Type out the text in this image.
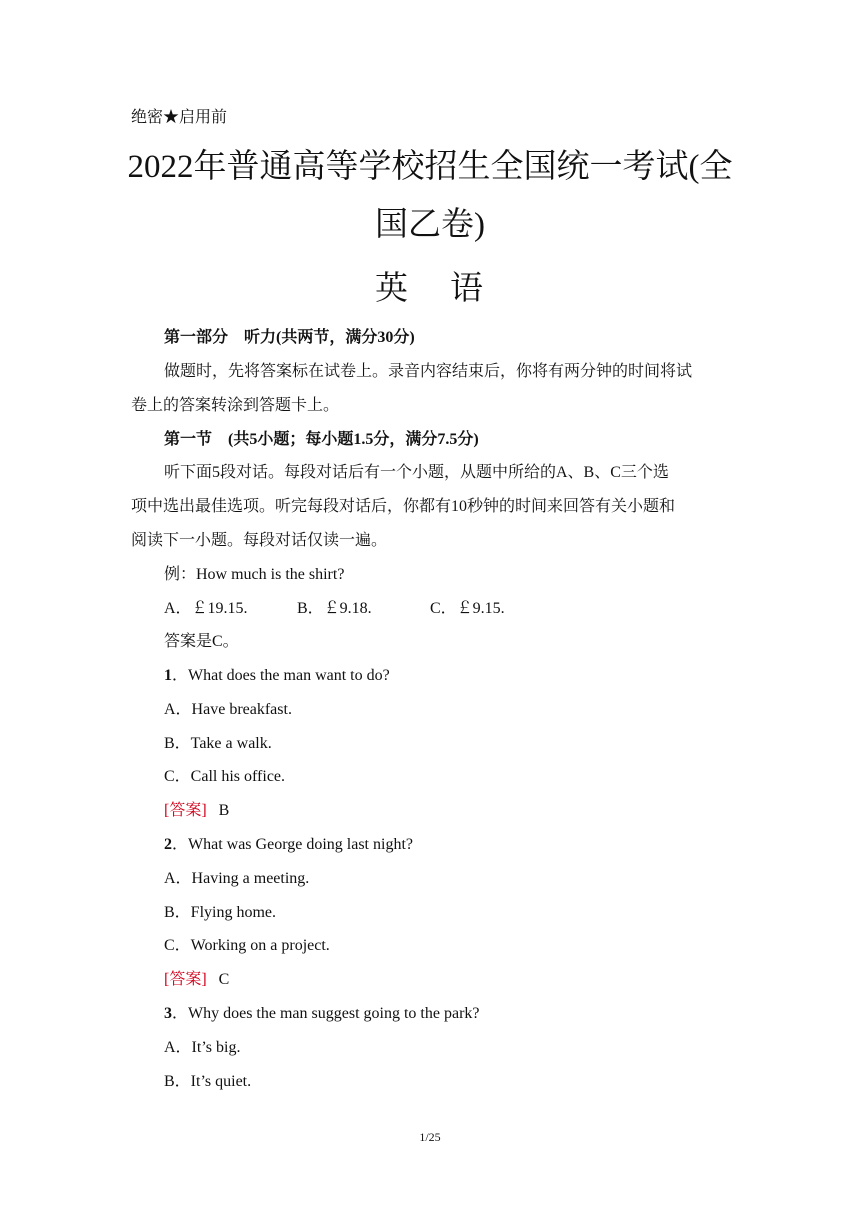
绝密★启用前
2022年普通高等学校招生全国统一考试(全
国乙卷)
英 语
第一部分　听力(共两节，满分30分)
做题时，先将答案标在试卷上。录音内容结束后，你将有两分钟的时间将试
卷上的答案转涂到答题卡上。
第一节　(共5小题；每小题1.5分，满分7.5分)
听下面5段对话。每段对话后有一个小题，从题中所给的A、B、C三个选
项中选出最佳选项。听完每段对话后，你都有10秒钟的时间来回答有关小题和
阅读下一小题。每段对话仅读一遍。
例：How much is the shirt?
A．￡19.15.	B．￡9.18.	C．￡9.15.
答案是C。
1．What does the man want to do?
A．Have breakfast.
B．Take a walk.
C．Call his office.
[答案] B
2．What was George doing last night?
A．Having a meeting.
B．Flying home.
C．Working on a project.
[答案] C
3．Why does the man suggest going to the park?
A．It’s big.
B．It’s quiet.
1/25
